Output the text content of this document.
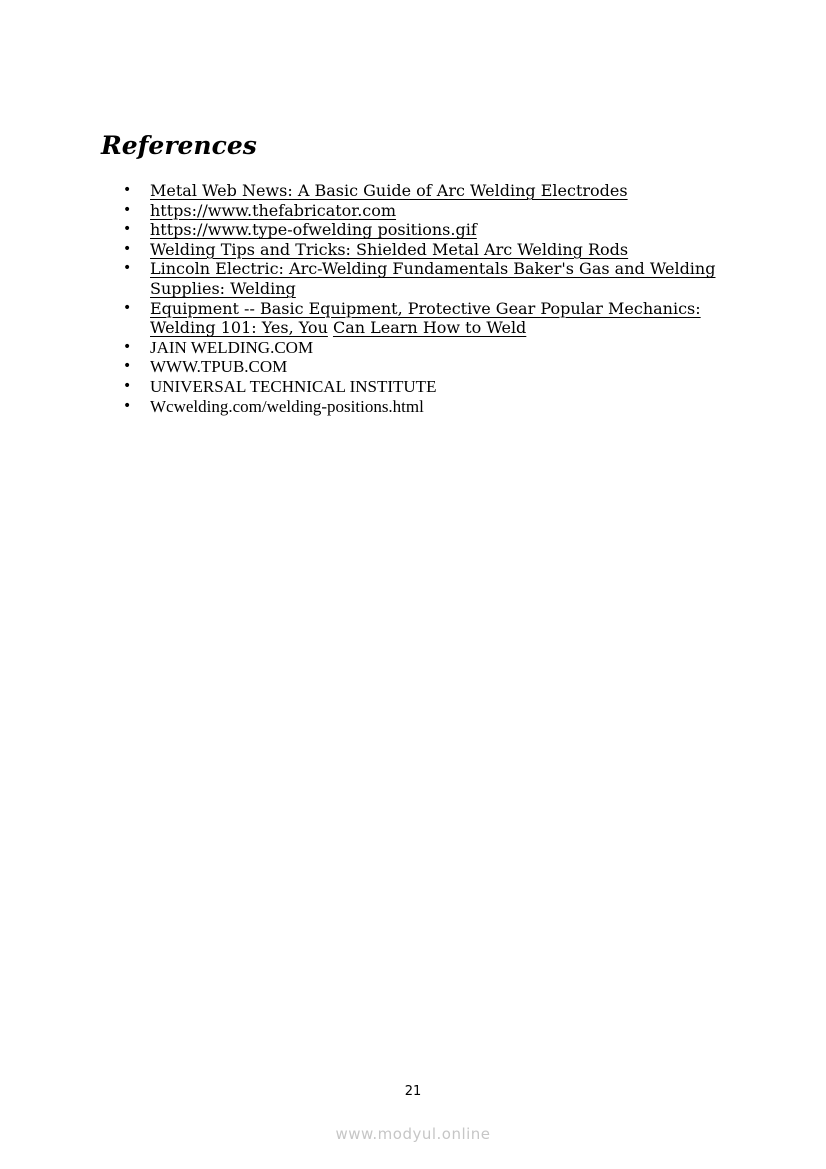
References
• Metal Web News: A Basic Guide of Arc Welding Electrodes
• https://www.thefabricator.com
• https://www.type-ofwelding positions.gif
• Welding Tips and Tricks: Shielded Metal Arc Welding Rods
• Lincoln Electric: Arc-Welding Fundamentals Baker's Gas and Welding Supplies: Welding
• Equipment -- Basic Equipment, Protective Gear Popular Mechanics: Welding 101: Yes, You Can Learn How to Weld
• JAIN WELDING.COM
• WWW.TPUB.COM
• UNIVERSAL TECHNICAL INSTITUTE
• Wcwelding.com/welding-positions.html
21
www.modyul.online
